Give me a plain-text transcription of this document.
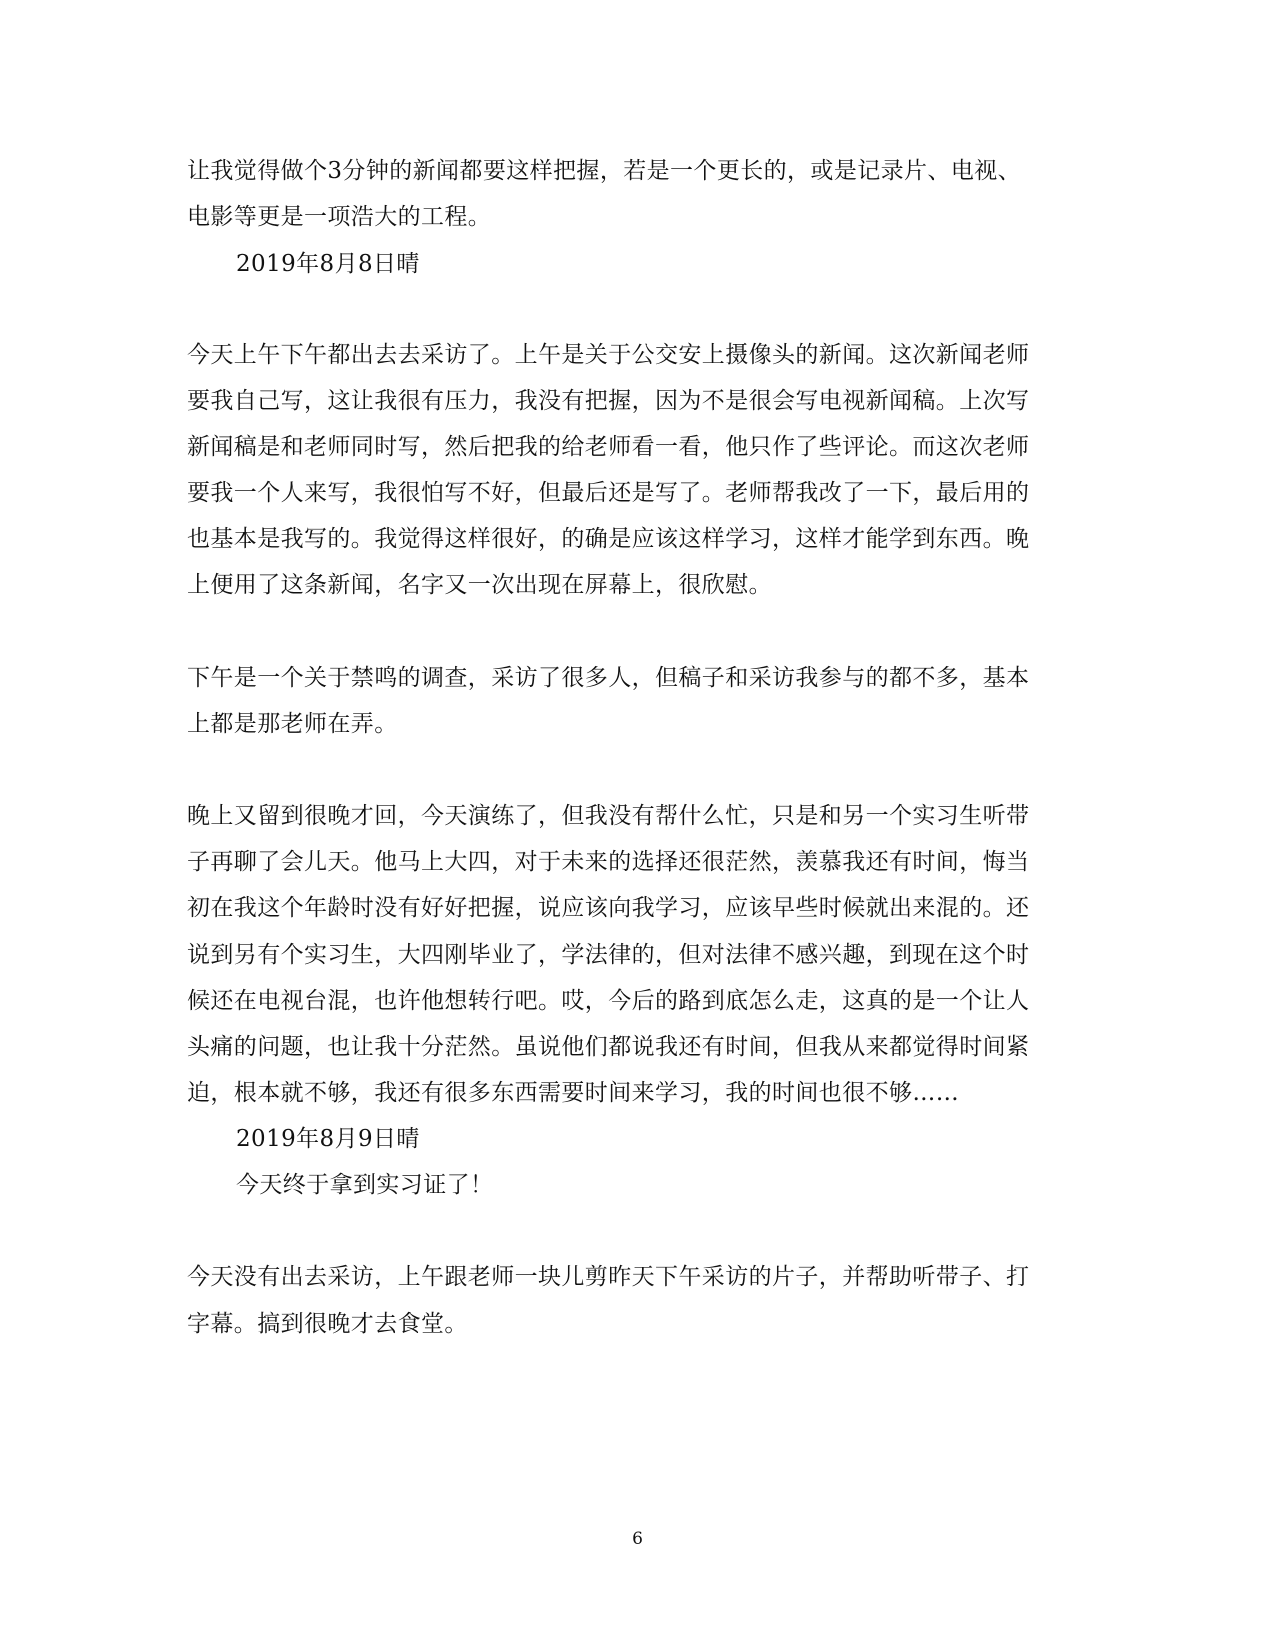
让我觉得做个3分钟的新闻都要这样把握，若是一个更长的，或是记录片、电视、
电影等更是一项浩大的工程。
2019年8月8日晴
今天上午下午都出去去采访了。上午是关于公交安上摄像头的新闻。这次新闻老师
要我自己写，这让我很有压力，我没有把握，因为不是很会写电视新闻稿。上次写
新闻稿是和老师同时写，然后把我的给老师看一看，他只作了些评论。而这次老师
要我一个人来写，我很怕写不好，但最后还是写了。老师帮我改了一下，最后用的
也基本是我写的。我觉得这样很好，的确是应该这样学习，这样才能学到东西。晚
上便用了这条新闻，名字又一次出现在屏幕上，很欣慰。
下午是一个关于禁鸣的调查，采访了很多人，但稿子和采访我参与的都不多，基本
上都是那老师在弄。
晚上又留到很晚才回，今天演练了，但我没有帮什么忙，只是和另一个实习生听带
子再聊了会儿天。他马上大四，对于未来的选择还很茫然，羡慕我还有时间，悔当
初在我这个年龄时没有好好把握，说应该向我学习，应该早些时候就出来混的。还
说到另有个实习生，大四刚毕业了，学法律的，但对法律不感兴趣，到现在这个时
候还在电视台混，也许他想转行吧。哎，今后的路到底怎么走，这真的是一个让人
头痛的问题，也让我十分茫然。虽说他们都说我还有时间，但我从来都觉得时间紧
迫，根本就不够，我还有很多东西需要时间来学习，我的时间也很不够……
2019年8月9日晴
今天终于拿到实习证了！
今天没有出去采访，上午跟老师一块儿剪昨天下午采访的片子，并帮助听带子、打
字幕。搞到很晚才去食堂。
6
